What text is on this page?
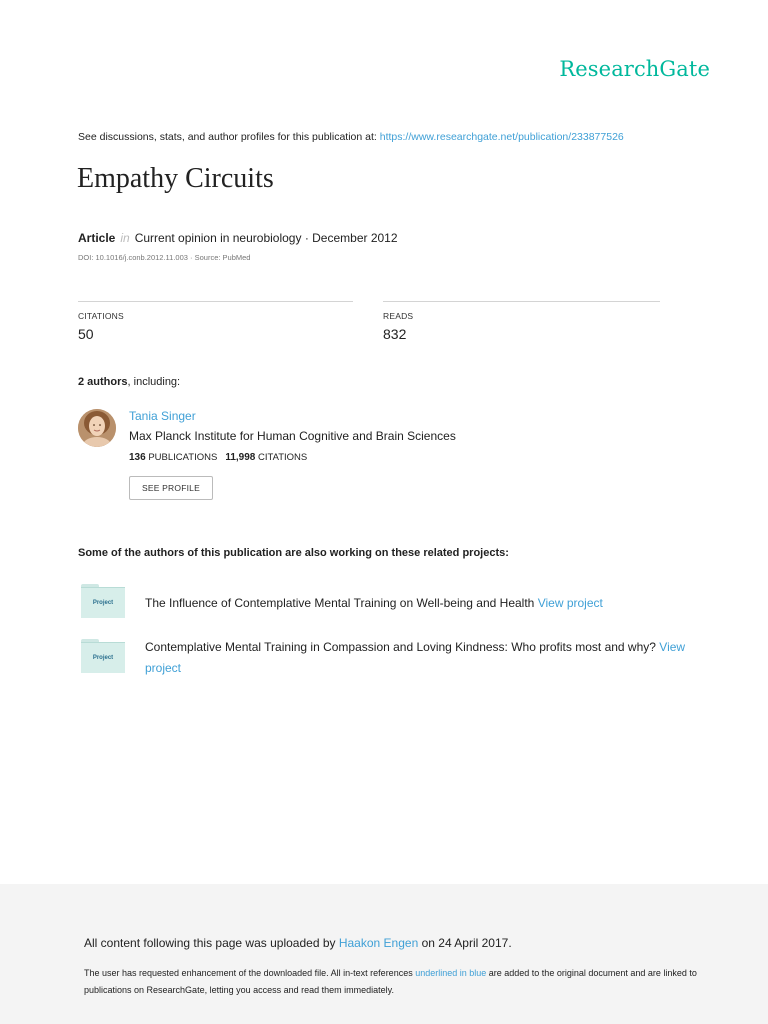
ResearchGate
See discussions, stats, and author profiles for this publication at: https://www.researchgate.net/publication/233877526
Empathy Circuits
Article in Current opinion in neurobiology · December 2012
DOI: 10.1016/j.conb.2012.11.003 · Source: PubMed
CITATIONS
50
READS
832
2 authors, including:
Tania Singer
Max Planck Institute for Human Cognitive and Brain Sciences
136 PUBLICATIONS 11,998 CITATIONS
SEE PROFILE
Some of the authors of this publication are also working on these related projects:
Project	The Influence of Contemplative Mental Training on Well-being and Health View project
Project
Contemplative Mental Training in Compassion and Loving Kindness: Who profits most and why? View project
All content following this page was uploaded by Haakon Engen on 24 April 2017.
The user has requested enhancement of the downloaded file. All in-text references underlined in blue are added to the original document and are linked to publications on ResearchGate, letting you access and read them immediately.
